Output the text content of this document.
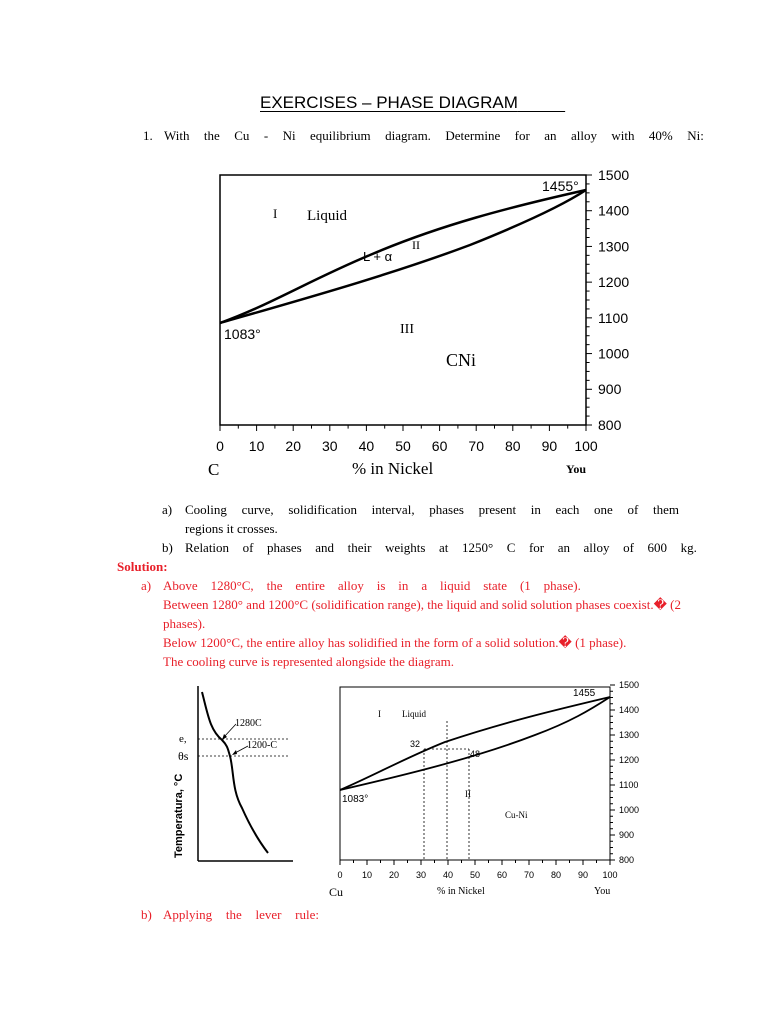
EXERCISES – PHASE DIAGRAM
1. With the Cu - Ni equilibrium diagram. Determine for an alloy with 40% Ni:
1500
1400
1300
1200
1100
1000
900
800
0 10 20 30 40 50 60 70 80 90 100
1455°
1083°
I Liquid
II
L + α
III
CNi
C	% in Nickel	You
a) Cooling curve, solidification interval, phases present in each one of them
regions it crosses.
b) Relation of phases and their weights at 1250° C for an alloy of 600 kg.
Solution:
a) Above 1280°C, the entire alloy is in a liquid state (1 phase).
Between 1280° and 1200°C (solidification range), the liquid and solid solution phases coexist.� (2
phases).
Below 1200°C, the entire alloy has solidified in the form of a solid solution.� (1 phase).
The cooling curve is represented alongside the diagram.
1280C
1200-C
e,
θs
Temperatura, °C
1500
1400
1300
1200
1100
1000
900
800
0 10 20 30 40 50 60 70 80 90 100
1455
1083°
I Liquid
32
48
II
Cu-Ni
Cu	% in Nickel	You
b) Applying the lever rule:
